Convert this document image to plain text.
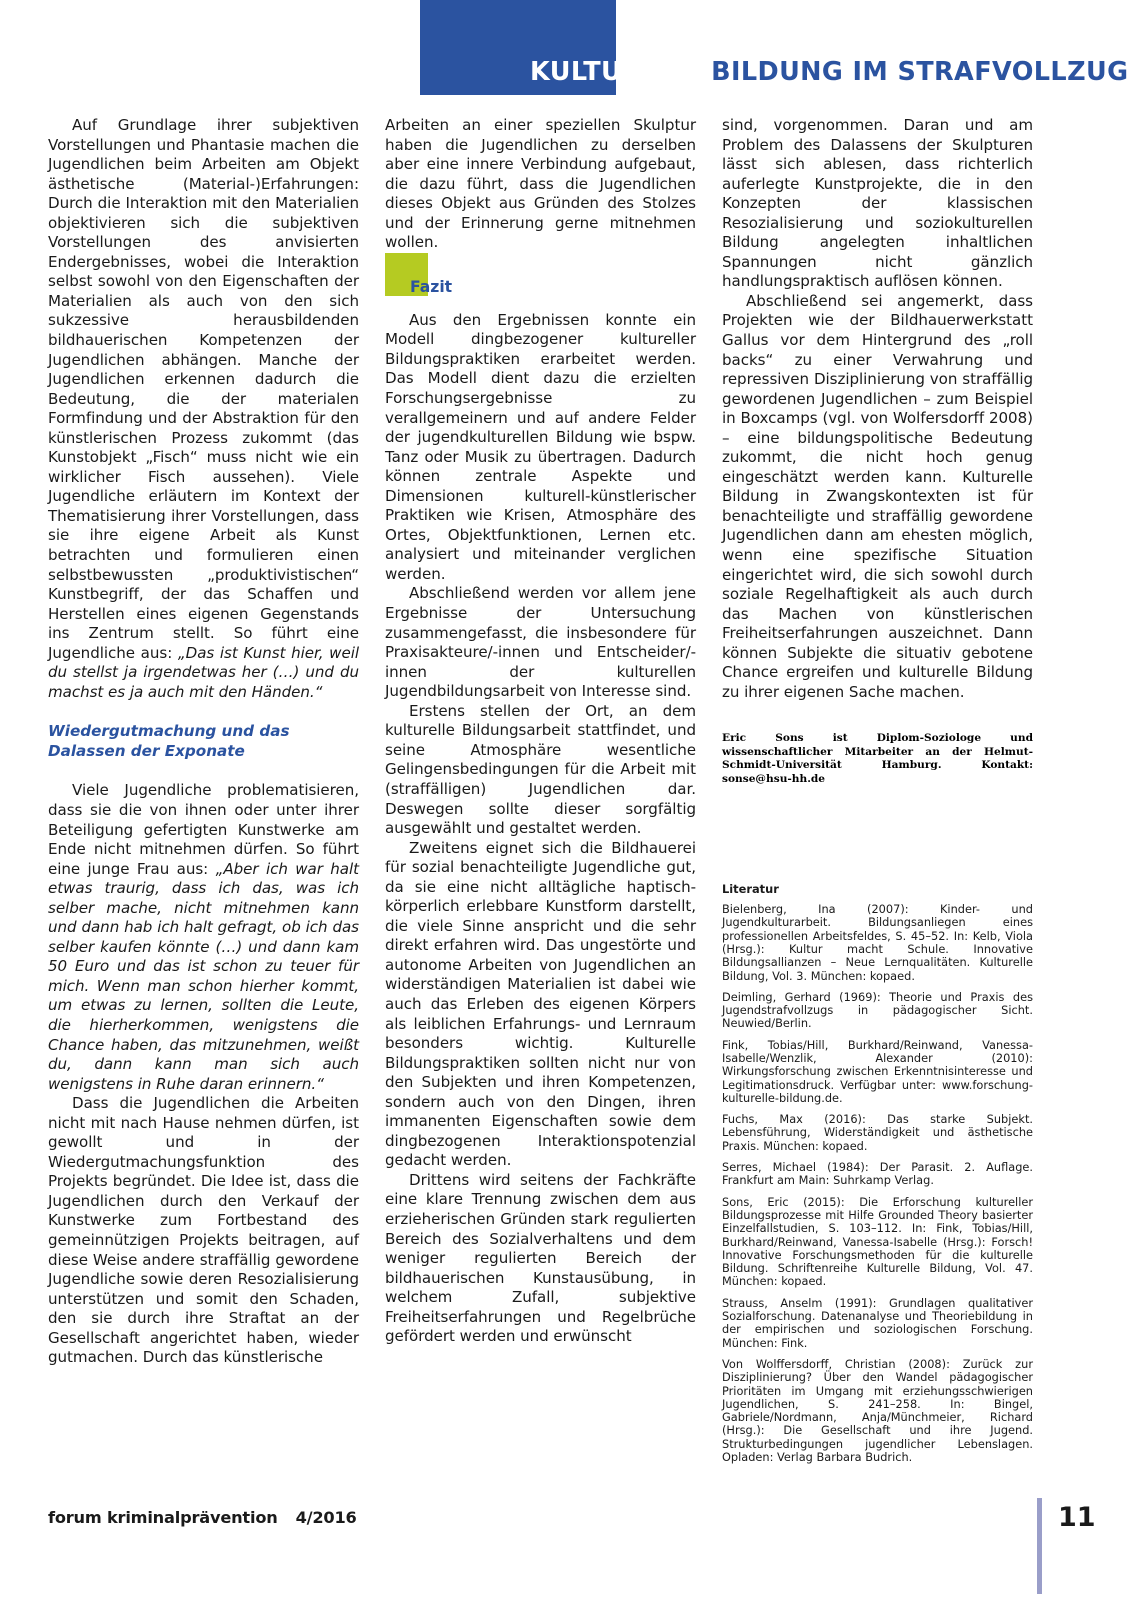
KULTURELLEBILDUNG IM STRAFVOLLZUG

Auf Grundlage ihrer subjektiven Vorstellungen und Phantasie machen die Jugendlichen beim Arbeiten am Objekt ästhetische (Material-)Erfahrungen: Durch die Interaktion mit den Materialien objektivieren sich die subjektiven Vorstellungen des anvisierten Endergebnisses, wobei die Interaktion selbst sowohl von den Eigenschaften der Materialien als auch von den sich sukzessive herausbildenden bildhauerischen Kompetenzen der Jugendlichen abhängen. Manche der Jugendlichen erkennen dadurch die Bedeutung, die der materialen Formfindung und der Abstraktion für den künstlerischen Prozess zukommt (das Kunstobjekt „Fisch“ muss nicht wie ein wirklicher Fisch aussehen). Viele Jugendliche erläutern im Kontext der Thematisierung ihrer Vorstellungen, dass sie ihre eigene Arbeit als Kunst betrachten und formulieren einen selbstbewussten „produktivistischen“ Kunstbegriff, der das Schaffen und Herstellen eines eigenen Gegenstands ins Zentrum stellt. So führt eine Jugendliche aus: „Das ist Kunst hier, weil du stellst ja irgendetwas her (…) und du machst es ja auch mit den Händen.“

Wiedergutmachung und das Dalassen der Exponate

Viele Jugendliche problematisieren, dass sie die von ihnen oder unter ihrer Beteiligung gefertigten Kunstwerke am Ende nicht mitnehmen dürfen. So führt eine junge Frau aus: „Aber ich war halt etwas traurig, dass ich das, was ich selber mache, nicht mitnehmen kann und dann hab ich halt gefragt, ob ich das selber kaufen könnte (…) und dann kam 50 Euro und das ist schon zu teuer für mich. Wenn man schon hierher kommt, um etwas zu lernen, sollten die Leute, die hierherkommen, wenigstens die Chance haben, das mitzunehmen, weißt du, dann kann man sich auch wenigstens in Ruhe daran erinnern.“

Dass die Jugendlichen die Arbeiten nicht mit nach Hause nehmen dürfen, ist gewollt und in der Wiedergutmachungsfunktion des Projekts begründet. Die Idee ist, dass die Jugendlichen durch den Verkauf der Kunstwerke zum Fortbestand des gemeinnützigen Projekts beitragen, auf diese Weise andere straffällig gewordene Jugendliche sowie deren Resozialisierung unterstützen und somit den Schaden, den sie durch ihre Straftat an der Gesellschaft angerichtet haben, wieder gutmachen. Durch das künstlerische

Arbeiten an einer speziellen Skulptur haben die Jugendlichen zu derselben aber eine innere Verbindung aufgebaut, die dazu führt, dass die Jugendlichen dieses Objekt aus Gründen des Stolzes und der Erinnerung gerne mitnehmen wollen.

Fazit

Aus den Ergebnissen konnte ein Modell dingbezogener kultureller Bildungspraktiken erarbeitet werden. Das Modell dient dazu die erzielten Forschungsergebnisse zu verallgemeinern und auf andere Felder der jugendkulturellen Bildung wie bspw. Tanz oder Musik zu übertragen. Dadurch können zentrale Aspekte und Dimensionen kulturell-künstlerischer Praktiken wie Krisen, Atmosphäre des Ortes, Objektfunktionen, Lernen etc. analysiert und miteinander verglichen werden.

Abschließend werden vor allem jene Ergebnisse der Untersuchung zusammengefasst, die insbesondere für Praxisakteure/-innen und Entscheider/-innen der kulturellen Jugendbildungsarbeit von Interesse sind.

Erstens stellen der Ort, an dem kulturelle Bildungsarbeit stattfindet, und seine Atmosphäre wesentliche Gelingensbedingungen für die Arbeit mit (straffälligen) Jugendlichen dar. Deswegen sollte dieser sorgfältig ausgewählt und gestaltet werden.

Zweitens eignet sich die Bildhauerei für sozial benachteiligte Jugendliche gut, da sie eine nicht alltägliche haptisch-körperlich erlebbare Kunstform darstellt, die viele Sinne anspricht und die sehr direkt erfahren wird. Das ungestörte und autonome Arbeiten von Jugendlichen an widerständigen Materialien ist dabei wie auch das Erleben des eigenen Körpers als leiblichen Erfahrungs- und Lernraum besonders wichtig. Kulturelle Bildungspraktiken sollten nicht nur von den Subjekten und ihren Kompetenzen, sondern auch von den Dingen, ihren immanenten Eigenschaften sowie dem dingbezogenen Interaktionspotenzial gedacht werden.

Drittens wird seitens der Fachkräfte eine klare Trennung zwischen dem aus erzieherischen Gründen stark regulierten Bereich des Sozialverhaltens und dem weniger regulierten Bereich der bildhauerischen Kunstausübung, in welchem Zufall, subjektive Freiheitserfahrungen und Regelbrüche gefördert werden und erwünscht

sind, vorgenommen. Daran und am Problem des Dalassens der Skulpturen lässt sich ablesen, dass richterlich auferlegte Kunstprojekte, die in den Konzepten der klassischen Resozialisierung und soziokulturellen Bildung angelegten inhaltlichen Spannungen nicht gänzlich handlungspraktisch auflösen können.

Abschließend sei angemerkt, dass Projekten wie der Bildhauerwerkstatt Gallus vor dem Hintergrund des „roll backs“ zu einer Verwahrung und repressiven Disziplinierung von straffällig gewordenen Jugendlichen – zum Beispiel in Boxcamps (vgl. von Wolfersdorff 2008) – eine bildungspolitische Bedeutung zukommt, die nicht hoch genug eingeschätzt werden kann. Kulturelle Bildung in Zwangskontexten ist für benachteiligte und straffällig gewordene Jugendlichen dann am ehesten möglich, wenn eine spezifische Situation eingerichtet wird, die sich sowohl durch soziale Regelhaftigkeit als auch durch das Machen von künstlerischen Freiheitserfahrungen auszeichnet. Dann können Subjekte die situativ gebotene Chance ergreifen und kulturelle Bildung zu ihrer eigenen Sache machen.

Eric Sons ist Diplom-Soziologe und wissenschaftlicher Mitarbeiter an der Helmut-Schmidt-Universität Hamburg. Kontakt: sonse@hsu-hh.de

Literatur

Bielenberg, Ina (2007): Kinder- und Jugendkulturarbeit. Bildungsanliegen eines professionellen Arbeitsfeldes, S. 45–52. In: Kelb, Viola (Hrsg.): Kultur macht Schule. Innovative Bildungsallianzen – Neue Lernqualitäten. Kulturelle Bildung, Vol. 3. München: kopaed.

Deimling, Gerhard (1969): Theorie und Praxis des Jugendstrafvollzugs in pädagogischer Sicht. Neuwied/Berlin.

Fink, Tobias/Hill, Burkhard/Reinwand, Vanessa-Isabelle/Wenzlik, Alexander (2010): Wirkungsforschung zwischen Erkenntnisinteresse und Legitimationsdruck. Verfügbar unter: www.forschung-kulturelle-bildung.de.

Fuchs, Max (2016): Das starke Subjekt. Lebensführung, Widerständigkeit und ästhetische Praxis. München: kopaed.

Serres, Michael (1984): Der Parasit. 2. Auflage. Frankfurt am Main: Suhrkamp Verlag.

Sons, Eric (2015): Die Erforschung kultureller Bildungsprozesse mit Hilfe Grounded Theory basierter Einzelfallstudien, S. 103–112. In: Fink, Tobias/Hill, Burkhard/Reinwand, Vanessa-Isabelle (Hrsg.): Forsch! Innovative Forschungsmethoden für die kulturelle Bildung. Schriftenreihe Kulturelle Bildung, Vol. 47. München: kopaed.

Strauss, Anselm (1991): Grundlagen qualitativer Sozialforschung. Datenanalyse und Theoriebildung in der empirischen und soziologischen Forschung. München: Fink.

Von Wolffersdorff, Christian (2008): Zurück zur Disziplinierung? Über den Wandel pädagogischer Prioritäten im Umgang mit erziehungsschwierigen Jugendlichen, S. 241–258. In: Bingel, Gabriele/Nordmann, Anja/Münchmeier, Richard (Hrsg.): Die Gesellschaft und ihre Jugend. Strukturbedingungen jugendlicher Lebenslagen. Opladen: Verlag Barbara Budrich.

forum kriminalprävention 4/2016	11
